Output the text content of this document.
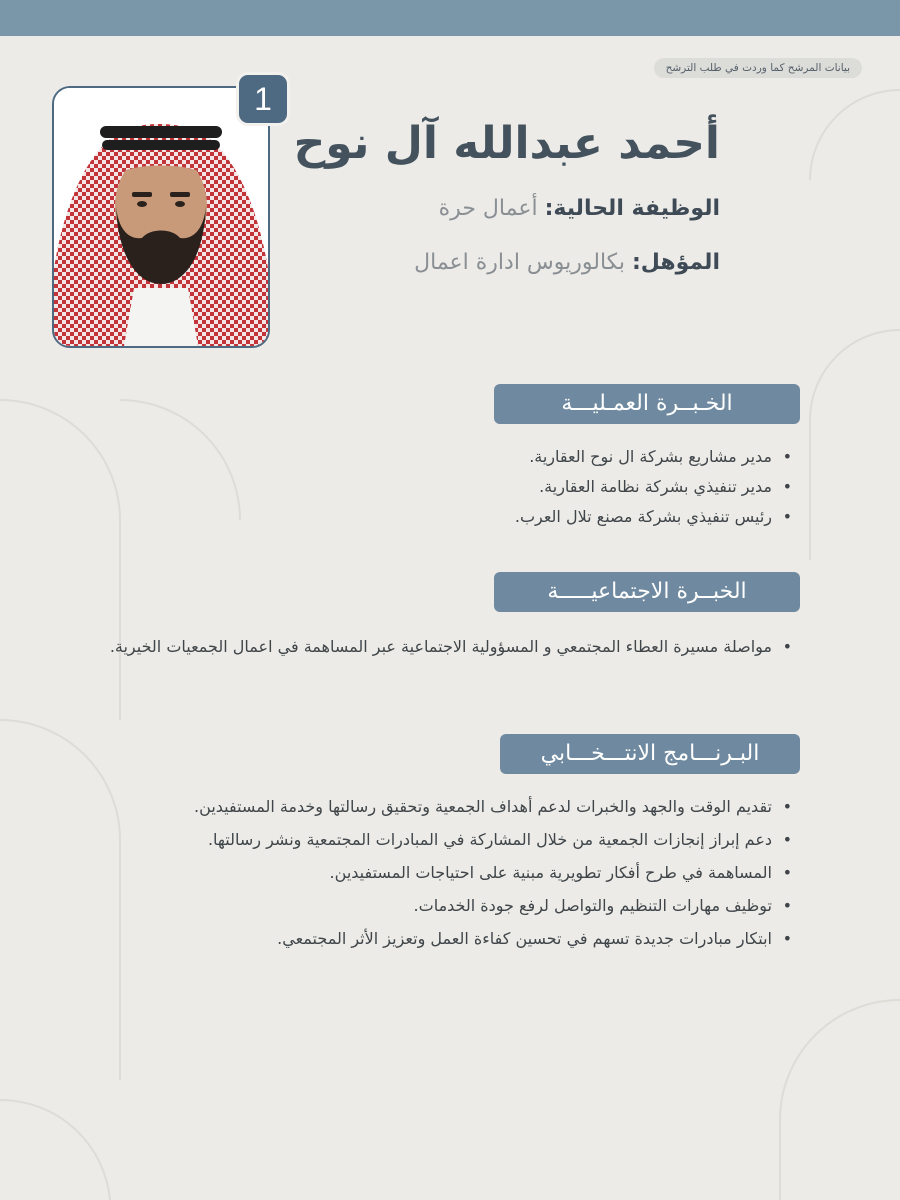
بيانات المرشح كما وردت في طلب الترشح
1
أحمد عبدالله آل نوح
الوظيفة الحالية: أعمال حرة
المؤهل: بكالوريوس ادارة اعمال
الخـبــرة العمـليـــة
• مدير مشاريع بشركة ال نوح العقارية.
• مدير تنفيذي بشركة نظامة العقارية.
• رئيس تنفيذي بشركة مصنع تلال العرب.
الخبــرة الاجتماعيـــــة
• مواصلة مسيرة العطاء المجتمعي و المسؤولية الاجتماعية عبر المساهمة في اعمال الجمعيات الخيرية.
البـرنـــامج الانتـــخـــابي
• تقديم الوقت والجهد والخبرات لدعم أهداف الجمعية وتحقيق رسالتها وخدمة المستفيدين.
• دعم إبراز إنجازات الجمعية من خلال المشاركة في المبادرات المجتمعية ونشر رسالتها.
• المساهمة في طرح أفكار تطويرية مبنية على احتياجات المستفيدين.
• توظيف مهارات التنظيم والتواصل لرفع جودة الخدمات.
• ابتكار مبادرات جديدة تسهم في تحسين كفاءة العمل وتعزيز الأثر المجتمعي.
